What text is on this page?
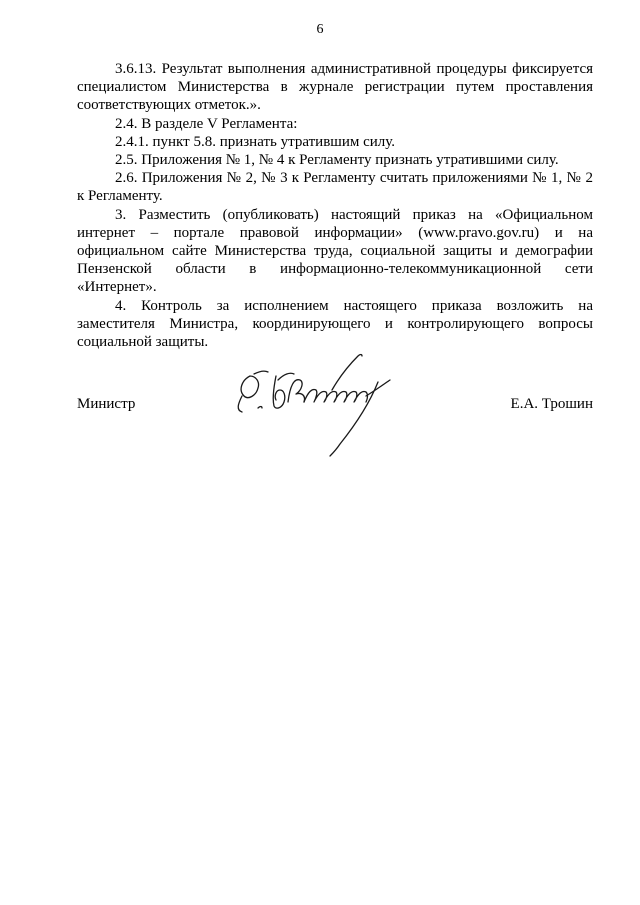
6

3.6.13. Результат выполнения административной процедуры фиксируется специалистом Министерства в журнале регистрации путем проставления соответствующих отметок.».

2.4. В разделе V Регламента:

2.4.1. пункт 5.8. признать утратившим силу.

2.5. Приложения № 1, № 4 к Регламенту признать утратившими силу.

2.6. Приложения № 2, № 3 к Регламенту считать приложениями № 1, № 2 к Регламенту.

3. Разместить (опубликовать) настоящий приказ на «Официальном интернет – портале правовой информации» (www.pravo.gov.ru) и на официальном сайте Министерства труда, социальной защиты и демографии Пензенской области в информационно-телекоммуникационной сети «Интернет».

4. Контроль за исполнением настоящего приказа возложить на заместителя Министра, координирующего и контролирующего вопросы социальной защиты.

Министр	Е.А. Трошин
